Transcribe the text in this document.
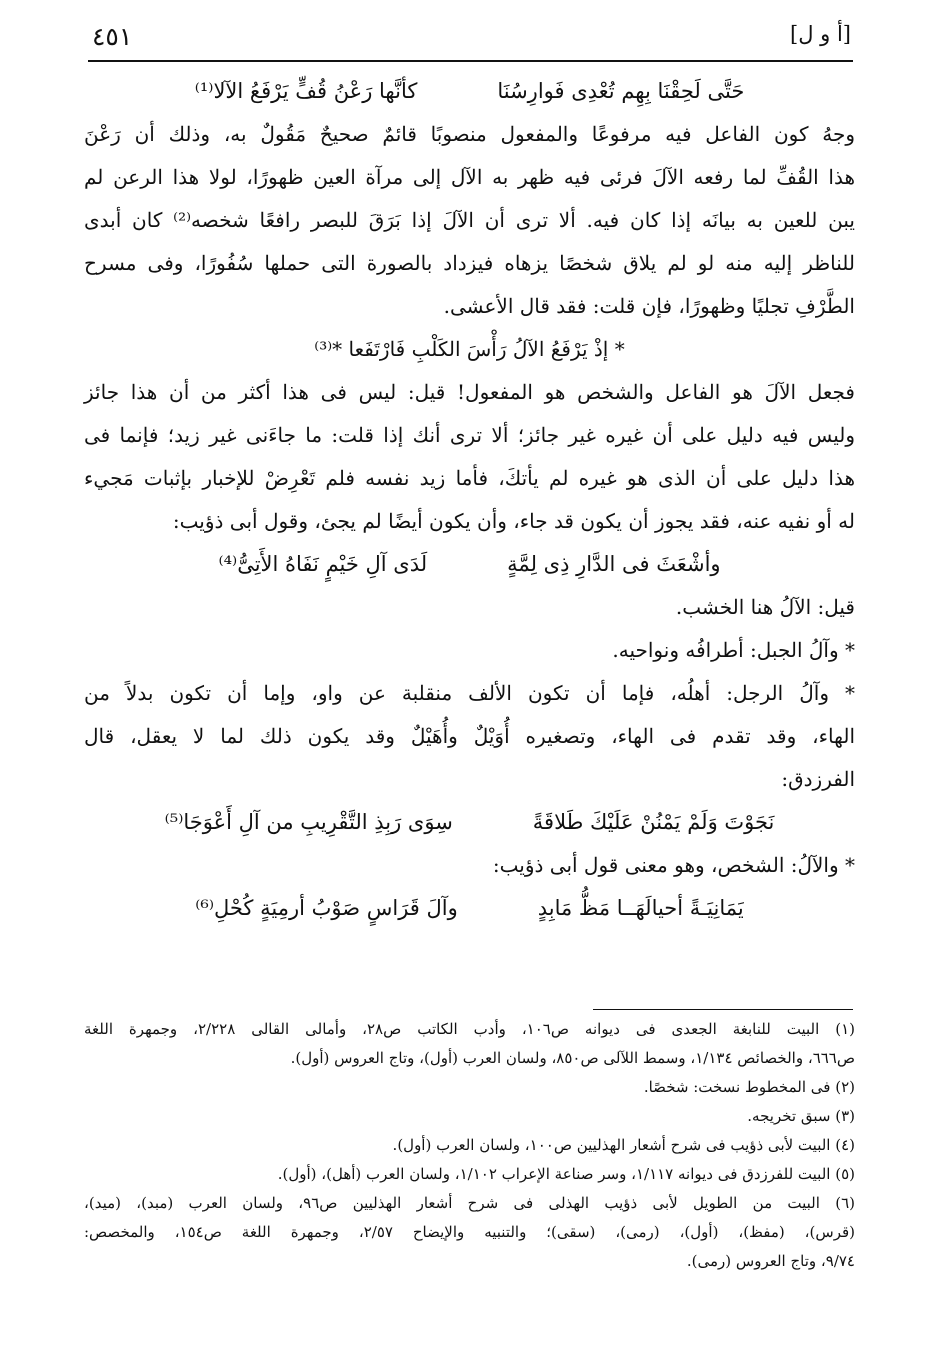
٤٥١	[أ و ل]
حَتَّى لَحِقْنَا بِهِم تُعْدِى فَوارِسُنَا
كأنَّها رَعْنُ قُفٍّ يَرْفَعُ الآلا⁽¹⁾
وجهُ كون الفاعل فيه مرفوعًا والمفعول منصوبًا قائمٌ صحيحٌ مَقُولٌ به، وذلك أن رَعْنَ
هذا القُفِّ لما رفعه الآلَ فرئى فيه ظهر به الآل إلى مرآة العين ظهورًا، لولا هذا الرعن لم
يبن للعين به بيانَه إذا كان فيه. ألا ترى أن الآلَ إذا بَرَقَ للبصر رافعًا شخصه⁽²⁾ كان أبدى
للناظر إليه منه لو لم يلاق شخصًا يزهاه فيزداد بالصورة التى حملها سُفُورًا، وفى مسرح
الطَّرْفِ تجليًا وظهورًا، فإن قلت: فقد قال الأعشى.
* إذْ يَرْفَعُ الآلُ رَأْسَ الكَلْبِ فَارْتَفَعا *⁽³⁾
فجعل الآلَ هو الفاعل والشخص هو المفعول! قيل: ليس فى هذا أكثر من أن هذا جائز
وليس فيه دليل على أن غيره غير جائز؛ ألا ترى أنك إذا قلت: ما جاءَنى غير زيد؛ فإنما فى
هذا دليل على أن الذى هو غيره لم يأتكَ، فأما زيد نفسه فلم تَعْرِضْ للإخبار بإثبات مَجيء
له أو نفيه عنه، فقد يجوز أن يكون قد جاء، وأن يكون أيضًا لم يجئ، وقول أبى ذؤيب:
وأشْعَثَ فى الدَّارِ ذِى لِمَّةٍ
لَدَى آلِ خَيْمٍ نَفَاهُ الأَتِىُّ⁽⁴⁾
قيل: الآلُ هنا الخشب.
* وآلُ الجبل: أطرافُه ونواحيه.
* وآلُ الرجل: أهلُه، فإما أن تكون الألف منقلبة عن واو، وإما أن تكون بدلاً من
الهاء، وقد تقدم فى الهاء، وتصغيره أُوَيْلٌ وأُهَيْلٌ وقد يكون ذلك لما لا يعقل، قال
الفرزدق:
نَجَوْتَ وَلَمْ يَمْنُنْ عَلَيْكَ طَلاقَةً
سِوَى رَبِذِ التَّقْرِيبِ من آلِ أَعْوَجَا⁽⁵⁾
* والآلُ: الشخص، وهو معنى قول أبى ذؤيب:
يَمَانِيَـةً أحيالَهَــا مَظُّ مَابِدٍ
وآلَ قَرَاسٍ صَوْبُ أرمِيَةٍ كُحْلِ⁽⁶⁾
(١) البيت للنابغة الجعدى فى ديوانه ص١٠٦، وأدب الكاتب ص٢٨، وأمالى القالى ٢/٢٢٨، وجمهرة اللغة
ص٦٦٦، والخصائص ١/١٣٤، وسمط اللآلى ص٨٥٠، ولسان العرب (أول)، وتاج العروس (أول).
(٢) فى المخطوط نسخت: شخصًا.
(٣) سبق تخريجه.
(٤) البيت لأبى ذؤيب فى شرح أشعار الهذليين ص١٠٠، ولسان العرب (أول).
(٥) البيت للفرزدق فى ديوانه ١/١١٧، وسر صناعة الإعراب ١/١٠٢، ولسان العرب (أهل)، (أول).
(٦) البيت من الطويل لأبى ذؤيب الهذلى فى شرح أشعار الهذليين ص٩٦، ولسان العرب (مبد)، (ميد)،
(قرس)، (مفظ)، (أول)، (رمى)، (سقى)؛ والتنبيه والإيضاح ٢/٥٧، وجمهرة اللغة ص١٥٤، والمخصص:
٩/٧٤، وتاج العروس (رمى).
